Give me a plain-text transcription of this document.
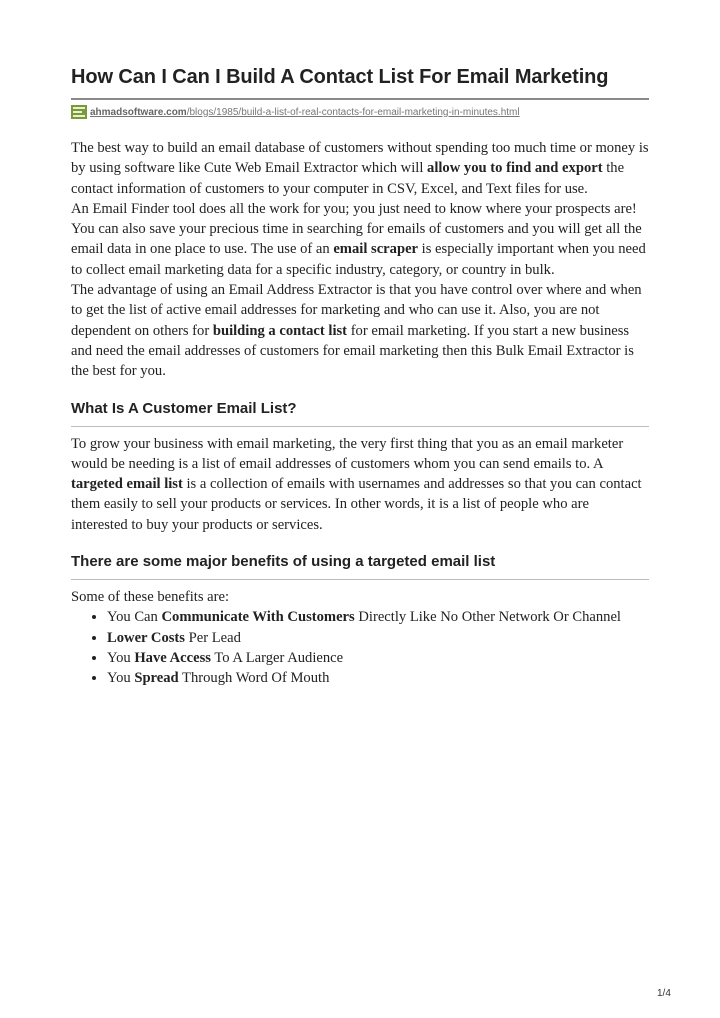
How Can I Can I Build A Contact List For Email Marketing
ahmadsoftware.com/blogs/1985/build-a-list-of-real-contacts-for-email-marketing-in-minutes.html

The best way to build an email database of customers without spending too much time or money is by using software like Cute Web Email Extractor which will allow you to find and export the contact information of customers to your computer in CSV, Excel, and Text files for use.

An Email Finder tool does all the work for you; you just need to know where your prospects are! You can also save your precious time in searching for emails of customers and you will get all the email data in one place to use. The use of an email scraper is especially important when you need to collect email marketing data for a specific industry, category, or country in bulk.

The advantage of using an Email Address Extractor is that you have control over where and when to get the list of active email addresses for marketing and who can use it. Also, you are not dependent on others for building a contact list for email marketing. If you start a new business and need the email addresses of customers for email marketing then this Bulk Email Extractor is the best for you.

What Is A Customer Email List?

To grow your business with email marketing, the very first thing that you as an email marketer would be needing is a list of email addresses of customers whom you can send emails to. A targeted email list is a collection of emails with usernames and addresses so that you can contact them easily to sell your products or services. In other words, it is a list of people who are interested to buy your products or services.

There are some major benefits of using a targeted email list

Some of these benefits are:

• You Can Communicate With Customers Directly Like No Other Network Or Channel
• Lower Costs Per Lead
• You Have Access To A Larger Audience
• You Spread Through Word Of Mouth
1/4
